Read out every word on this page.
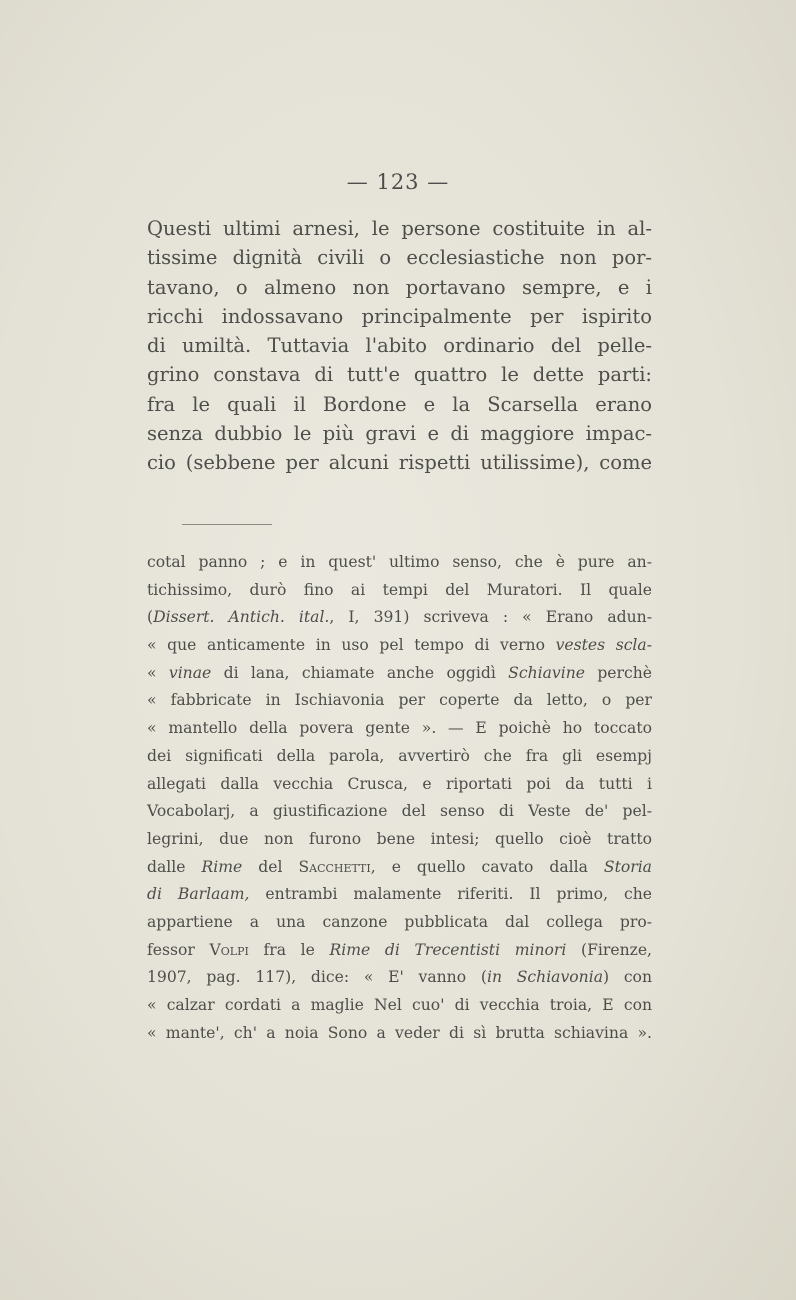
— 123 —
Questi ultimi arnesi, le persone costituite in al-
tissime dignità civili o ecclesiastiche non por-
tavano, o almeno non portavano sempre, e i
ricchi indossavano principalmente per ispirito
di umiltà. Tuttavia l'abito ordinario del pelle-
grino constava di tutt'e quattro le dette parti:
fra le quali il Bordone e la Scarsella erano
senza dubbio le più gravi e di maggiore impac-
cio (sebbene per alcuni rispetti utilissime), come
cotal panno ; e in quest' ultimo senso, che è pure an-
tichissimo, durò fino ai tempi del Muratori. Il quale
(Dissert. Antich. ital., I, 391) scriveva : « Erano adun-
« que anticamente in uso pel tempo di verno vestes scla-
« vinae di lana, chiamate anche oggidì Schiavine perchè
« fabbricate in Ischiavonia per coperte da letto, o per
« mantello della povera gente ». — E poichè ho toccato
dei significati della parola, avvertirò che fra gli esempj
allegati dalla vecchia Crusca, e riportati poi da tutti i
Vocabolarj, a giustificazione del senso di Veste de' pel-
legrini, due non furono bene intesi; quello cioè tratto
dalle Rime del Sacchetti, e quello cavato dalla Storia
di Barlaam, entrambi malamente riferiti. Il primo, che
appartiene a una canzone pubblicata dal collega pro-
fessor Volpi fra le Rime di Trecentisti minori (Firenze,
1907, pag. 117), dice: « E' vanno (in Schiavonia) con
« calzar cordati a maglie Nel cuo' di vecchia troia, E con
« mante', ch' a noia Sono a veder di sì brutta schiavina ».
